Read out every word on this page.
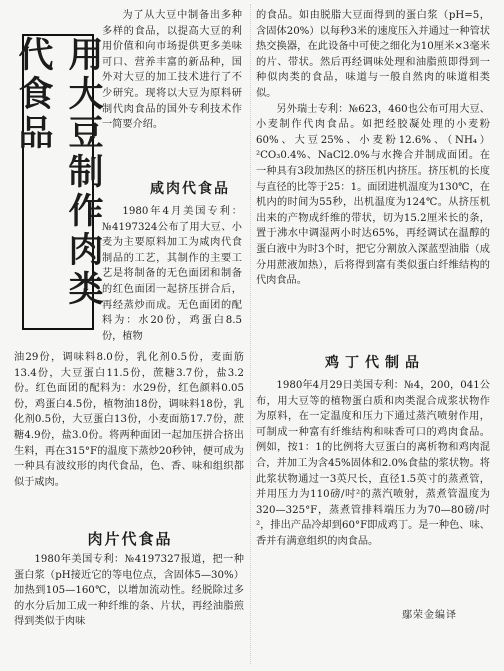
用大豆制作肉类代食品

为了从大豆中制备出多种多样的食品，以提高大豆的利用价值和向市场提供更多美味可口、营养丰富的新品种，国外对大豆的加工技术进行了不少研究。现将以大豆为原料研制代肉食品的国外专利技术作一简要介绍。

咸肉代食品

1980年4月美国专利：№4197324公布了用大豆、小麦为主要原料加工为咸肉代食制品的工艺，其制作的主要工艺是将制备的无色面团和制备的红色面团一起挤压拼合后，再经蒸炒而成。无色面团的配料为：水20份，鸡蛋白8.5份，植物

油29份，调味料8.0份，乳化剂0.5份，麦面筋13.4份，大豆蛋白11.5份，蔗糖3.7份，盐3.2份。红色面团的配料为：水29份，红色颜料0.05份，鸡蛋白4.5份，植物油18份，调味料18份，乳化剂0.5份，大豆蛋白13份，小麦面筋17.7份，蔗糖4.9份，盐3.0份。将两种面团一起加压拼合挤出生料，再在315°F的温度下蒸炒20秒钟，便可成为一种具有波纹形的肉代食品，色、香、味和组织都似于咸肉。

肉片代食品

1980年美国专利：№4197327报道，把一种蛋白浆（pH接近它的等电位点，含固体5—30%）加热到105—160℃，以增加流动性。经脱除过多的水分后加工成一种纤维的条、片状，再经油脂煎得到类似于肉味

的食品。如由脱脂大豆面得到的蛋白浆（pH=5，含固体20%）以每秒3米的速度压入并通过一种管状热交换器，在此设备中可使之细化为10厘米×3毫米的片、带状。然后再经调味处理和油脂煎即得到一种似肉类的食品，味道与一般自然肉的味道相类似。

另外瑞士专利：№623，460也公布可用大豆、小麦制作代肉食品。如把经胶凝处理的小麦粉60%、大豆25%、小麦粉12.6%、（NH₄）²CO₃0.4%、NaCl2.0%与水搀合并制成面团。在一种具有3段加热区的挤压机内挤压。挤压机的长度与直径的比等于25：1。面团进机温度为130℃，在机内的时间为55秒，出机温度为124℃。从挤压机出来的产物成纤维的带状，切为15.2厘米长的条，置于沸水中调湿两小时达65%，再经调试在温醇的蛋白液中为时3个时，把它分割放入深蓝型油脂（成分用蔗液加热），后将得到富有类似蛋白纤维结构的代肉食品。

鸡丁代制品

1980年4月29日美国专利：№4，200，041公布，用大豆等的植物蛋白质和肉类混合成浆状物作为原料，在一定温度和压力下通过蒸汽喷射作用，可制成一种富有纤维结构和味香可口的鸡肉食品。例如，按1：1的比例将大豆蛋白的离析物和鸡肉混合，并加工为含45%固体和2.0%食盐的浆状物。将此浆状物通过一3英尺长，直径1.5英寸的蒸煮管，并用压力为110磅/吋²的蒸汽喷射，蒸煮管温度为320—325°F，蒸煮管排料端压力为70—80磅/吋²，排出产品冷却到60°F即成鸡丁。是一种色、味、香并有满意组织的肉食品。

鄢荣金编译
